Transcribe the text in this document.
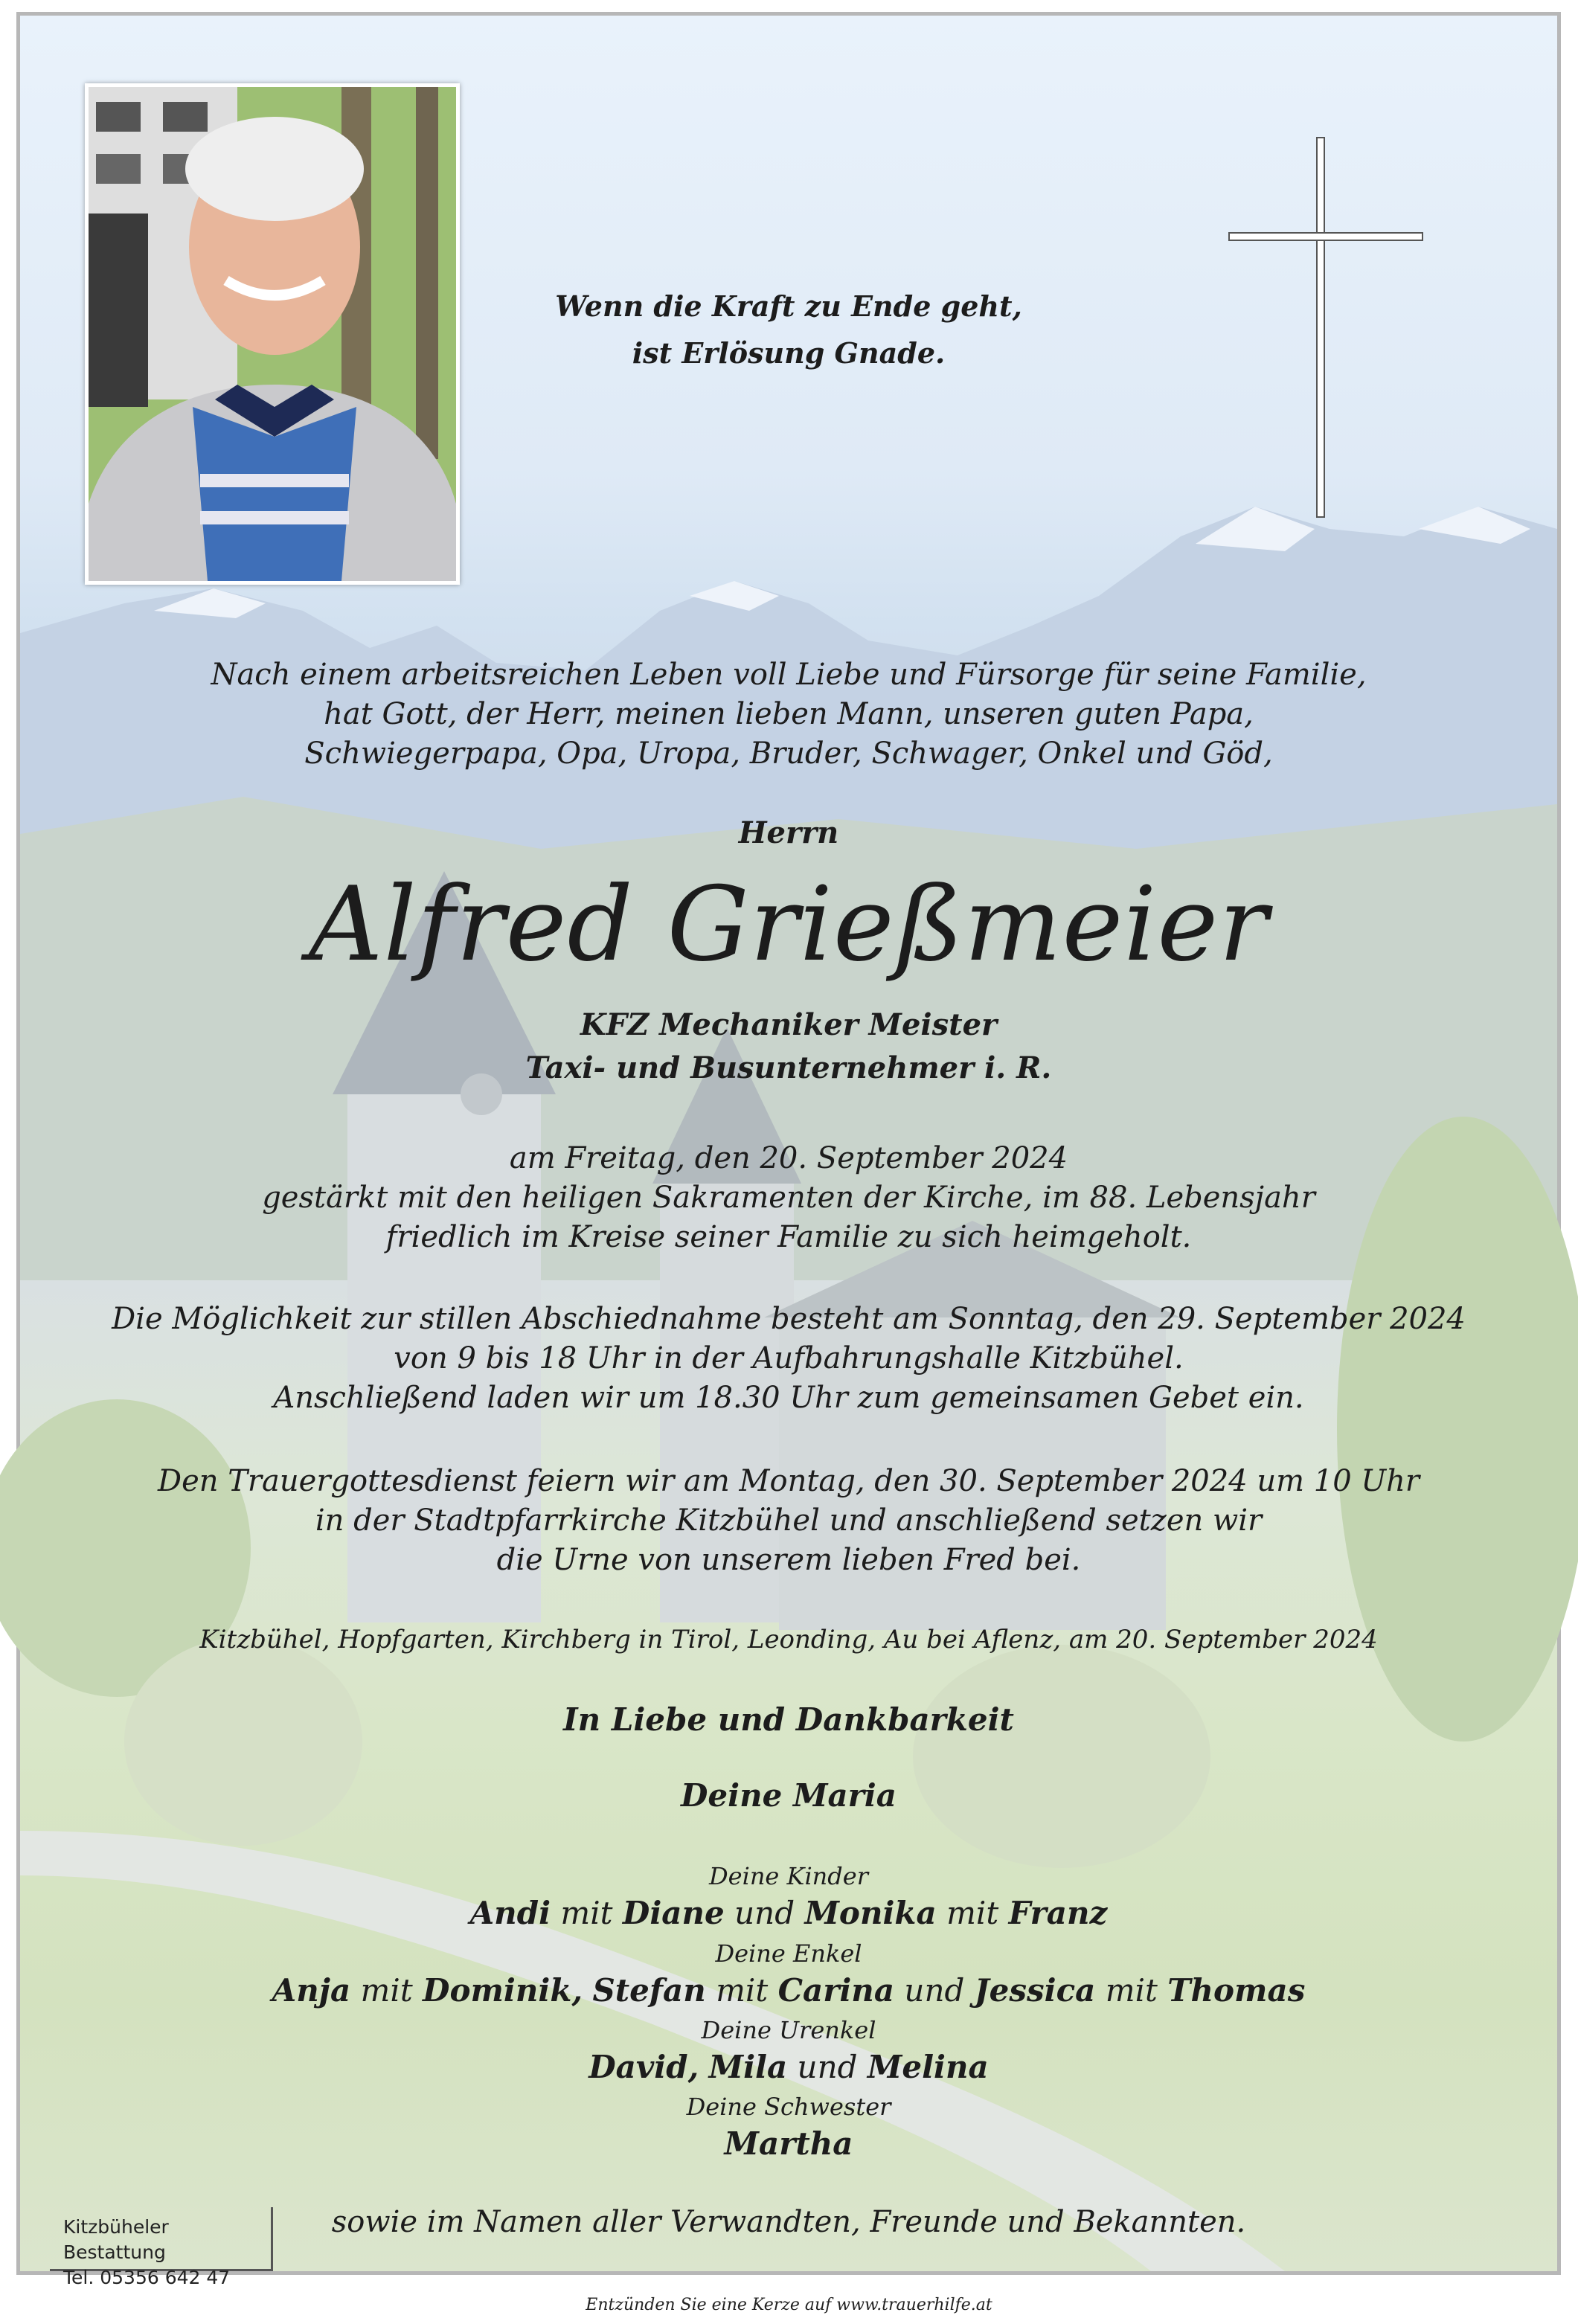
Wenn die Kraft zu Ende geht,
ist Erlösung Gnade.
Nach einem arbeitsreichen Leben voll Liebe und Fürsorge für seine Familie,
hat Gott, der Herr, meinen lieben Mann, unseren guten Papa,
Schwiegerpapa, Opa, Uropa, Bruder, Schwager, Onkel und Göd,
Herrn
Alfred Grießmeier
KFZ Mechaniker Meister
Taxi- und Busunternehmer i. R.
am Freitag, den 20. September 2024
gestärkt mit den heiligen Sakramenten der Kirche, im 88. Lebensjahr
friedlich im Kreise seiner Familie zu sich heimgeholt.
Die Möglichkeit zur stillen Abschiednahme besteht am Sonntag, den 29. September 2024
von 9 bis 18 Uhr in der Aufbahrungshalle Kitzbühel.
Anschließend laden wir um 18.30 Uhr zum gemeinsamen Gebet ein.
Den Trauergottesdienst feiern wir am Montag, den 30. September 2024 um 10 Uhr
in der Stadtpfarrkirche Kitzbühel und anschließend setzen wir
die Urne von unserem lieben Fred bei.
Kitzbühel, Hopfgarten, Kirchberg in Tirol, Leonding, Au bei Aflenz, am 20. September 2024
In Liebe und Dankbarkeit
Deine Maria
Deine Kinder
Andi mit Diane und Monika mit Franz
Deine Enkel
Anja mit Dominik, Stefan mit Carina und Jessica mit Thomas
Deine Urenkel
David, Mila und Melina
Deine Schwester
Martha
sowie im Namen aller Verwandten, Freunde und Bekannten.
Kitzbüheler Bestattung
Tel. 05356 642 47
Entzünden Sie eine Kerze auf www.trauerhilfe.at
